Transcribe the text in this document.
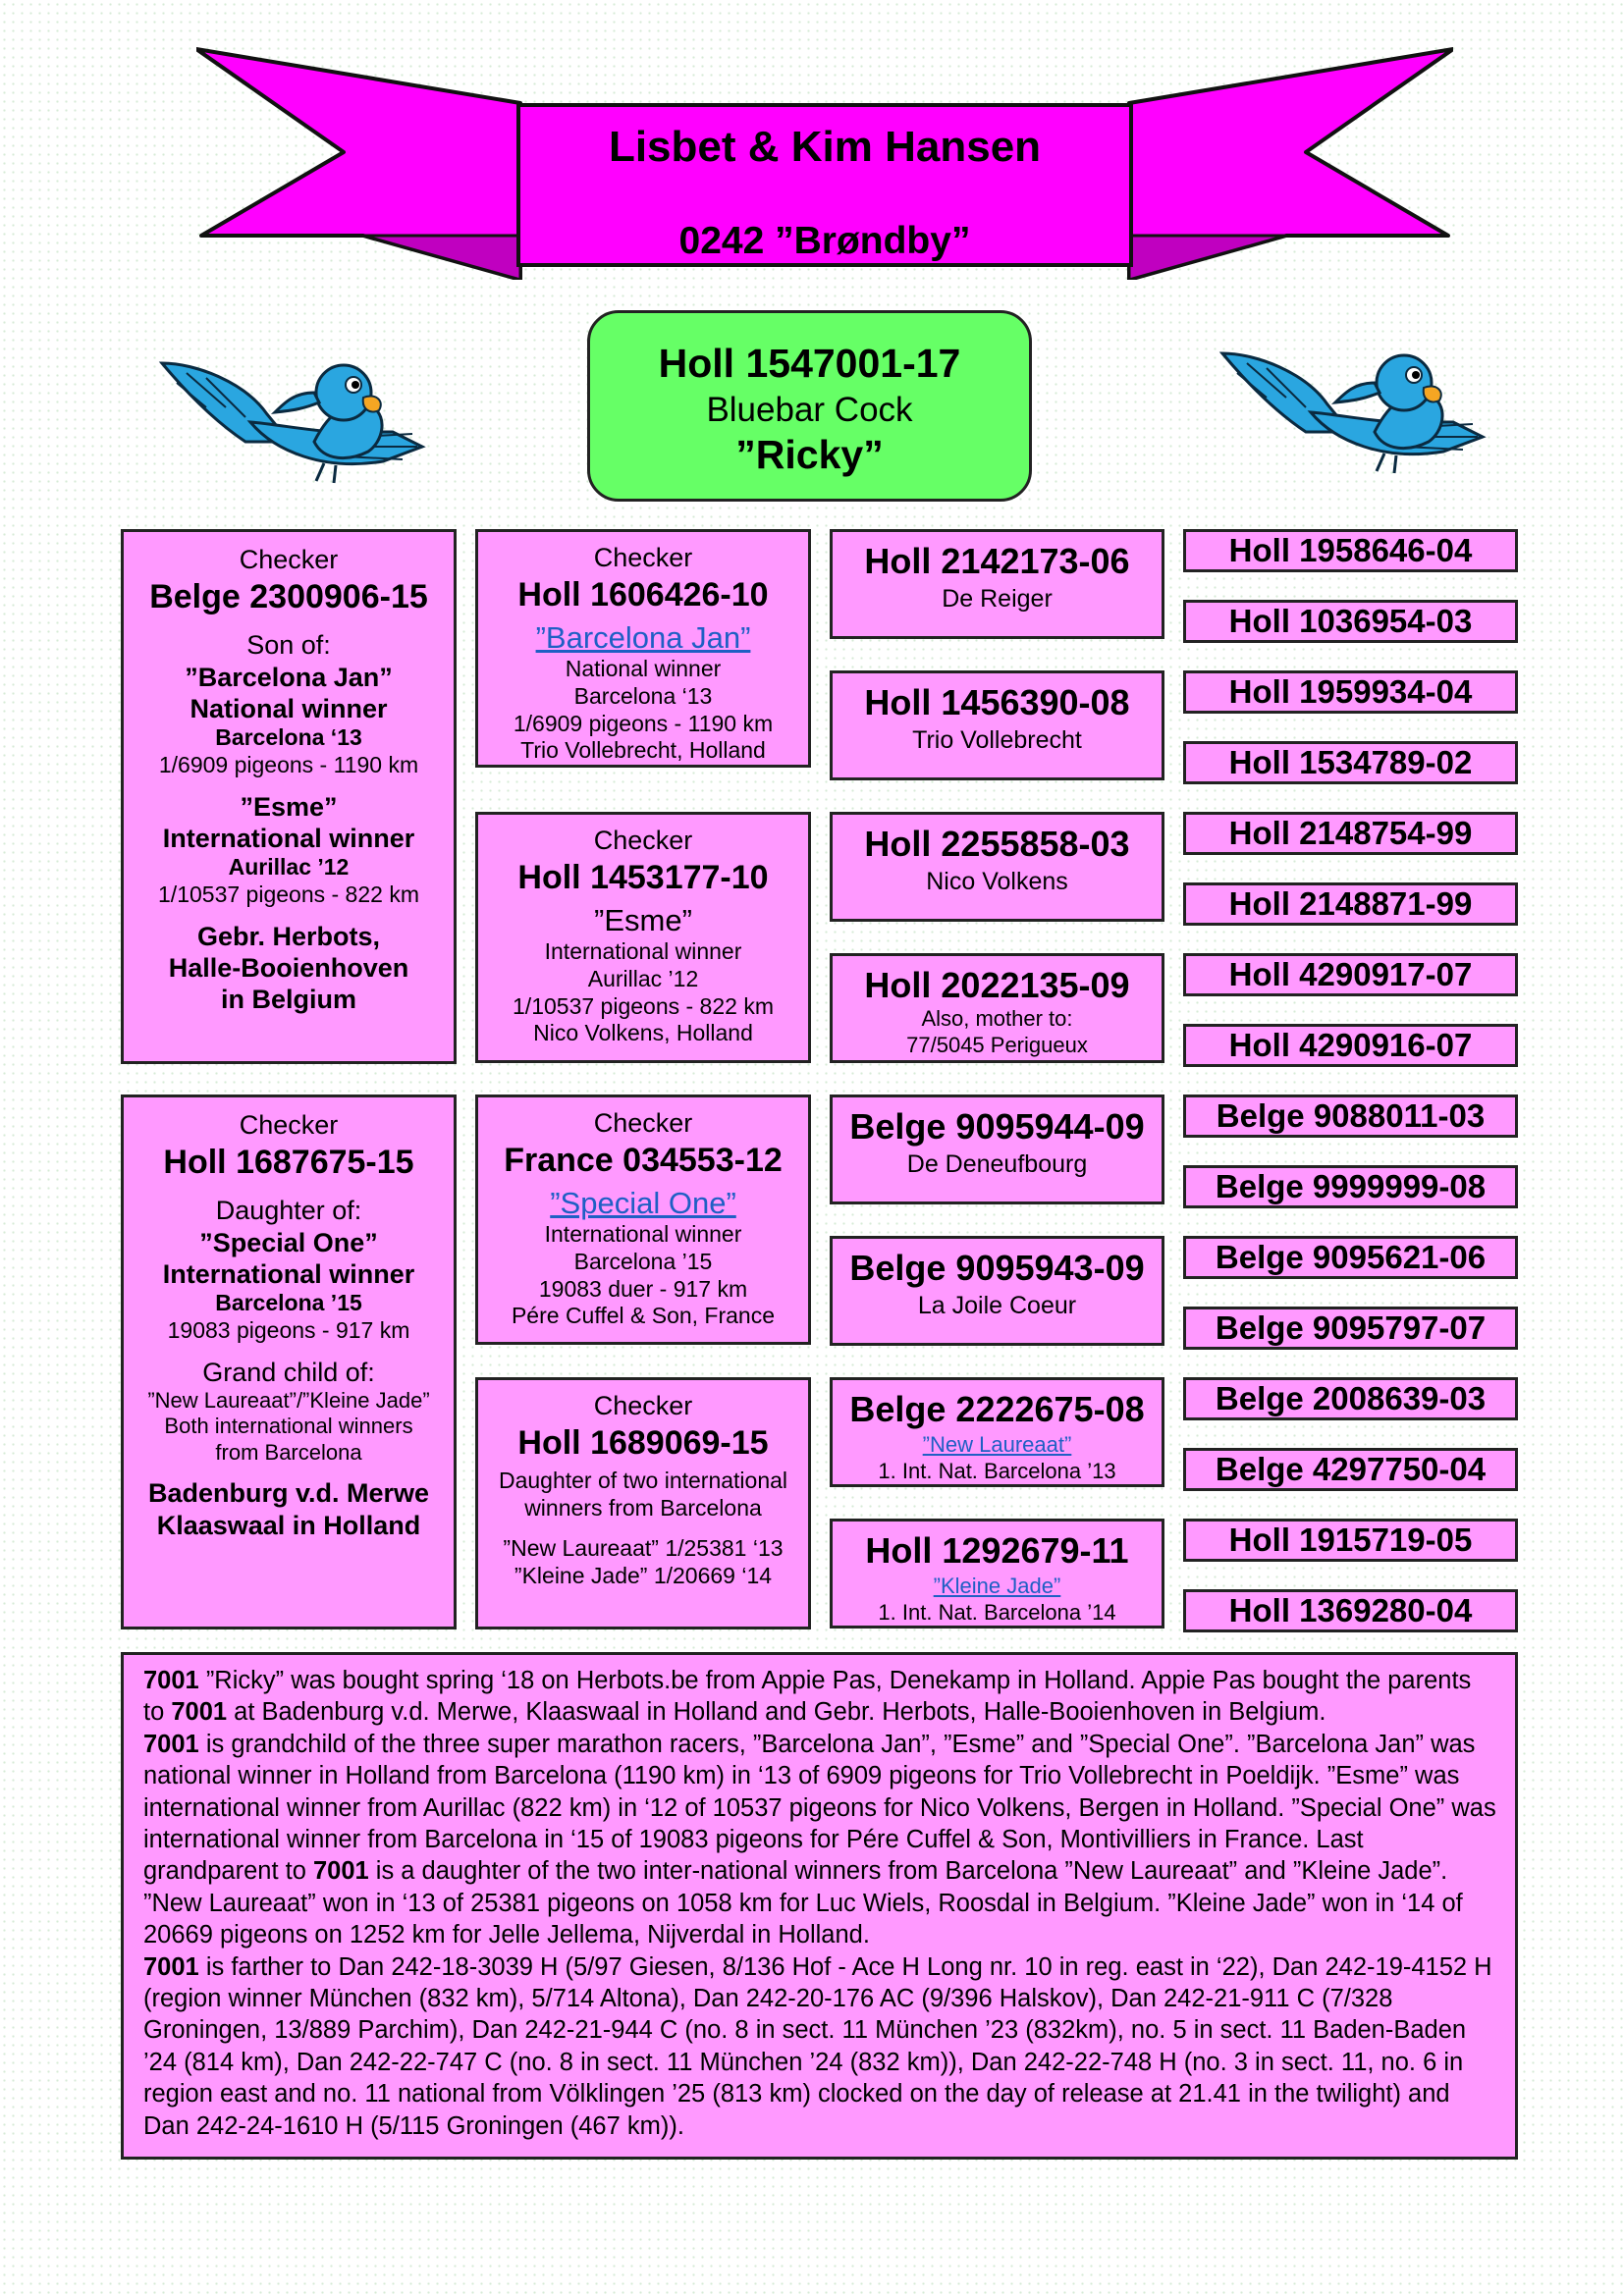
Lisbet & Kim Hansen
0242 ”Brøndby”
Holl 1547001-17
Bluebar Cock
”Ricky”
Checker
Belge 2300906-15
Son of:
”Barcelona Jan”
National winner
Barcelona ‘13
1/6909 pigeons - 1190 km
”Esme”
International winner
Aurillac ’12
1/10537 pigeons - 822 km
Gebr. Herbots,
Halle-Booienhoven
in Belgium
Checker
Holl 1687675-15
Daughter of:
”Special One”
International winner
Barcelona ’15
19083 pigeons - 917 km
Grand child of:
”New Laureaat”/”Kleine Jade”
Both international winners
from Barcelona
Badenburg v.d. Merwe
Klaaswaal in Holland
Checker
Holl 1606426-10
”Barcelona Jan”
National winner
Barcelona ‘13
1/6909 pigeons - 1190 km
Trio Vollebrecht, Holland
Checker
Holl 1453177-10
”Esme”
International winner
Aurillac ’12
1/10537 pigeons - 822 km
Nico Volkens, Holland
Checker
France 034553-12
”Special One”
International winner
Barcelona ’15
19083 duer - 917 km
Pére Cuffel & Son, France
Checker
Holl 1689069-15
Daughter of two international
winners from Barcelona
”New Laureaat” 1/25381 ‘13
”Kleine Jade” 1/20669 ‘14
Holl 2142173-06
De Reiger
Holl 1456390-08
Trio Vollebrecht
Holl 2255858-03
Nico Volkens
Holl 2022135-09
Also, mother to:
77/5045 Perigueux
Belge 9095944-09
De Deneufbourg
Belge 9095943-09
La Joile Coeur
Belge 2222675-08
”New Laureaat”
1. Int. Nat. Barcelona ’13
Holl 1292679-11
”Kleine Jade”
1. Int. Nat. Barcelona ’14
Holl 1958646-04
Holl 1036954-03
Holl 1959934-04
Holl 1534789-02
Holl 2148754-99
Holl 2148871-99
Holl 4290917-07
Holl 4290916-07
Belge 9088011-03
Belge 9999999-08
Belge 9095621-06
Belge 9095797-07
Belge 2008639-03
Belge 4297750-04
Holl 1915719-05
Holl 1369280-04
7001 ”Ricky” was bought spring ‘18 on Herbots.be from Appie Pas, Denekamp in Holland. Appie Pas bought the parents to 7001 at Badenburg v.d. Merwe, Klaaswaal in Holland and Gebr. Herbots, Halle-Booienhoven in Belgium.
7001 is grandchild of the three super marathon racers, ”Barcelona Jan”, ”Esme” and ”Special One”. ”Barcelona Jan” was national winner in Holland from Barcelona (1190 km) in ‘13 of 6909 pigeons for Trio Vollebrecht in Poeldijk. ”Esme” was international winner from Aurillac (822 km) in ‘12 of 10537 pigeons for Nico Volkens, Bergen in Holland. ”Special One” was international winner from Barcelona in ‘15 of 19083 pigeons for Pére Cuffel & Son, Montivilliers in France. Last grandparent to 7001 is a daughter of the two inter-national winners from Barcelona ”New Laureaat” and ”Kleine Jade”. ”New Laureaat” won in ‘13 of 25381 pigeons on 1058 km for Luc Wiels, Roosdal in Belgium. ”Kleine Jade” won in ‘14 of 20669 pigeons on 1252 km for Jelle Jellema, Nijverdal in Holland.
7001 is farther to Dan 242-18-3039 H (5/97 Giesen, 8/136 Hof - Ace H Long nr. 10 in reg. east in ‘22), Dan 242-19-4152 H (region winner München (832 km), 5/714 Altona), Dan 242-20-176 AC (9/396 Halskov), Dan 242-21-911 C (7/328 Groningen, 13/889 Parchim), Dan 242-21-944 C (no. 8 in sect. 11 München ’23 (832km), no. 5 in sect. 11 Baden-Baden ’24 (814 km), Dan 242-22-747 C (no. 8 in sect. 11 München ’24 (832 km)), Dan 242-22-748 H (no. 3 in sect. 11, no. 6 in region east and no. 11 national from Völklingen ’25 (813 km) clocked on the day of release at 21.41 in the twilight) and Dan 242-24-1610 H (5/115 Groningen (467 km)).
